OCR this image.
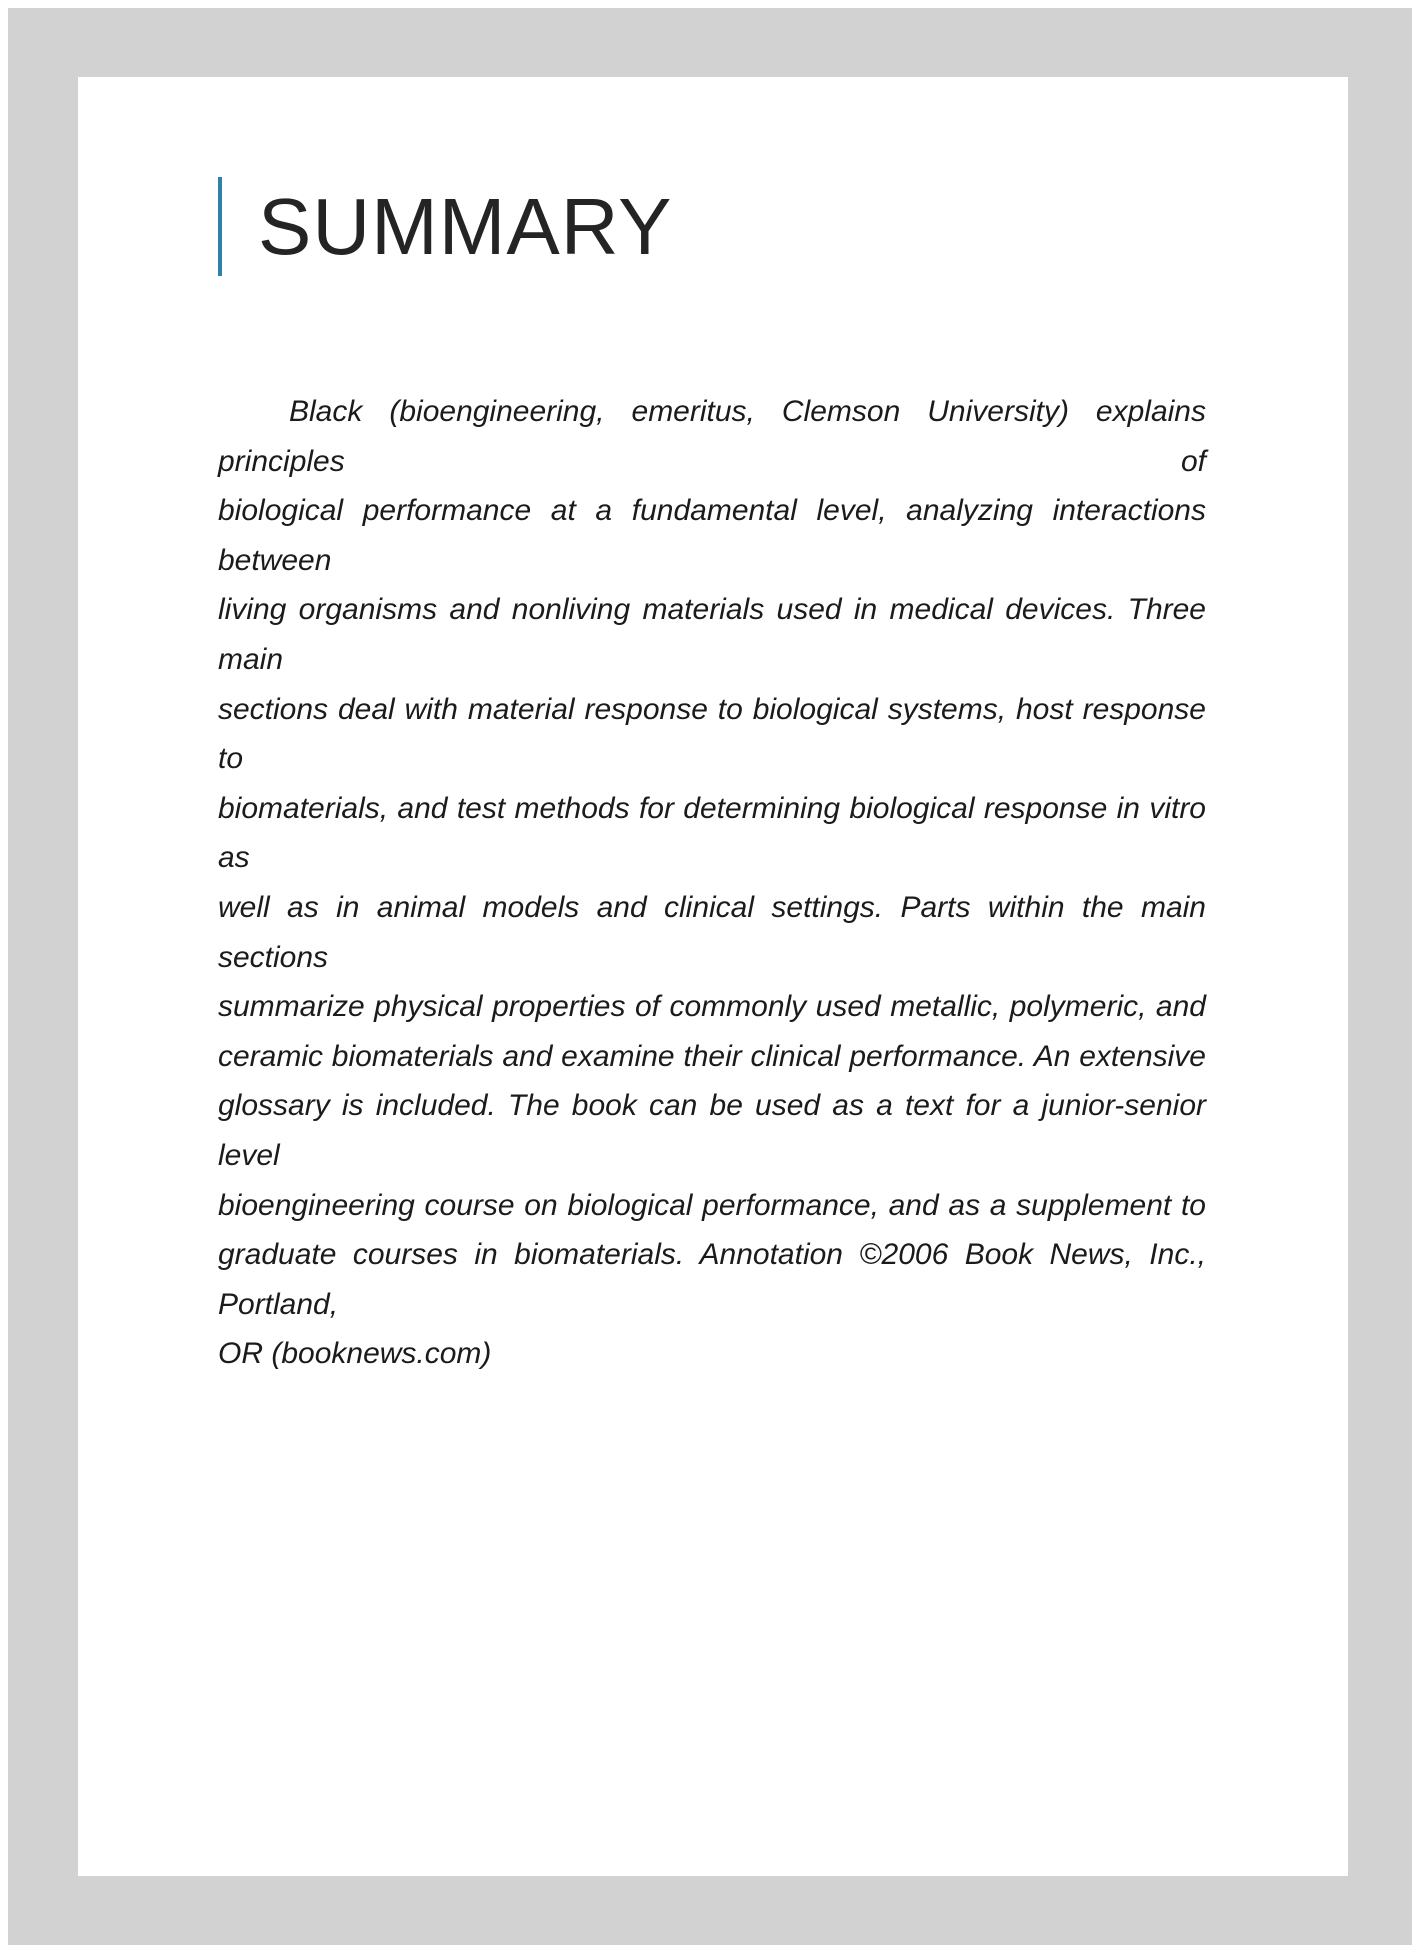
SUMMARY
Black (bioengineering, emeritus, Clemson University) explains principles of
biological performance at a fundamental level, analyzing interactions between
living organisms and nonliving materials used in medical devices. Three main
sections deal with material response to biological systems, host response to
biomaterials, and test methods for determining biological response in vitro as
well as in animal models and clinical settings. Parts within the main sections
summarize physical properties of commonly used metallic, polymeric, and
ceramic biomaterials and examine their clinical performance. An extensive
glossary is included. The book can be used as a text for a junior-senior level
bioengineering course on biological performance, and as a supplement to
graduate courses in biomaterials. Annotation ©2006 Book News, Inc., Portland,
OR (booknews.com)
